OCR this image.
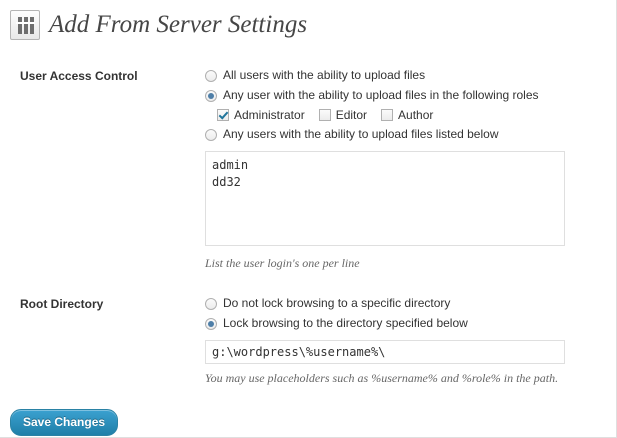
Add From Server Settings
User Access Control	All users with the ability to upload files
Any user with the ability to upload files in the following roles
Administrator	Editor	Author
Any users with the ability to upload files listed below
admin dd32
List the user login's one per line

Root Directory	Do not lock browsing to a specific directory
Lock browsing to the directory specified below
g:\wordpress\%username%\
You may use placeholders such as %username% and %role% in the path.
Save Changes
